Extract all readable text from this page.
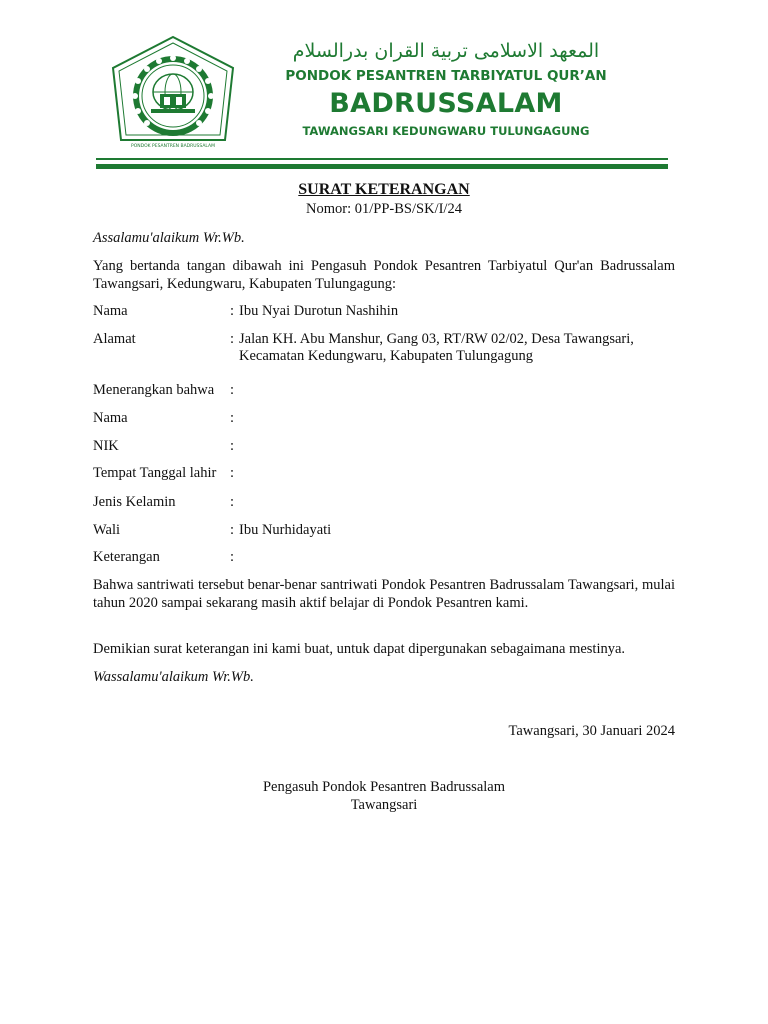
PONDOK PESANTREN BADRUSSALAM
المعهد الاسلامى تربية القران بدرالسلام
PONDOK PESANTREN TARBIYATUL QUR’AN
BADRUSSALAM
TAWANGSARI KEDUNGWARU TULUNGAGUNG
SURAT KETERANGAN
Nomor: 01/PP-BS/SK/I/24
Assalamu'alaikum Wr.Wb.
Yang bertanda tangan dibawah ini Pengasuh Pondok Pesantren Tarbiyatul Qur'an Badrussalam Tawangsari, Kedungwaru, Kabupaten Tulungagung:
Nama	: Ibu Nyai Durotun Nashihin
Alamat	: Jalan KH. Abu Manshur, Gang 03, RT/RW 02/02, Desa Tawangsari,
Kecamatan Kedungwaru, Kabupaten Tulungagung
Menerangkan bahwa :
Nama	:
NIK	:
Tempat Tanggal lahir :
Jenis Kelamin	:
Wali	: Ibu Nurhidayati
Keterangan	:
Bahwa santriwati tersebut benar-benar santriwati Pondok Pesantren Badrussalam Tawangsari, mulai tahun 2020 sampai sekarang masih aktif belajar di Pondok Pesantren kami.
Demikian surat keterangan ini kami buat, untuk dapat dipergunakan sebagaimana mestinya.
Wassalamu'alaikum Wr.Wb.
Tawangsari, 30 Januari 2024
Pengasuh Pondok Pesantren Badrussalam
Tawangsari
